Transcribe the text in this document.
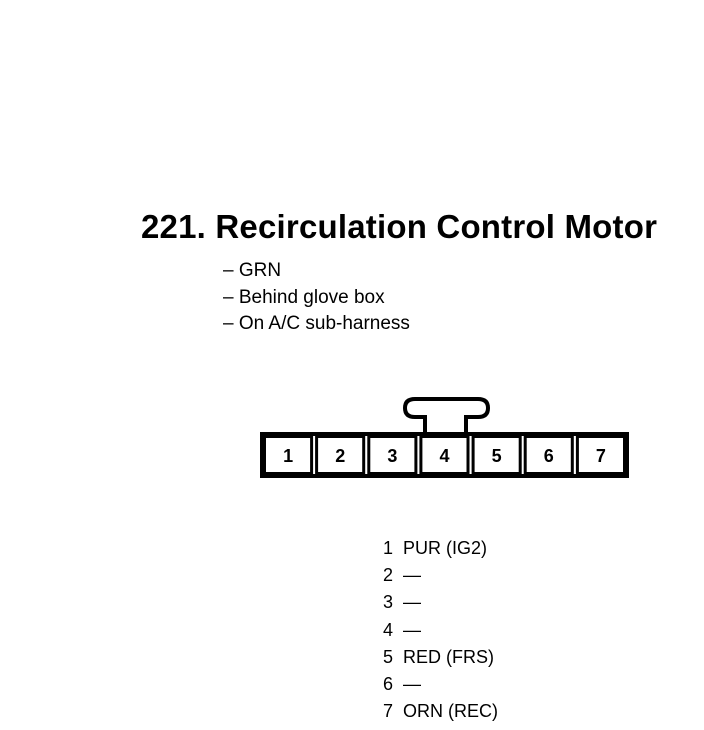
221. Recirculation Control Motor
– GRN
– Behind glove box
– On A/C sub-harness
1 2 3 4 5 6 7
1 PUR (IG2)
2 —
3 —
4 —
5 RED (FRS)
6 —
7 ORN (REC)
